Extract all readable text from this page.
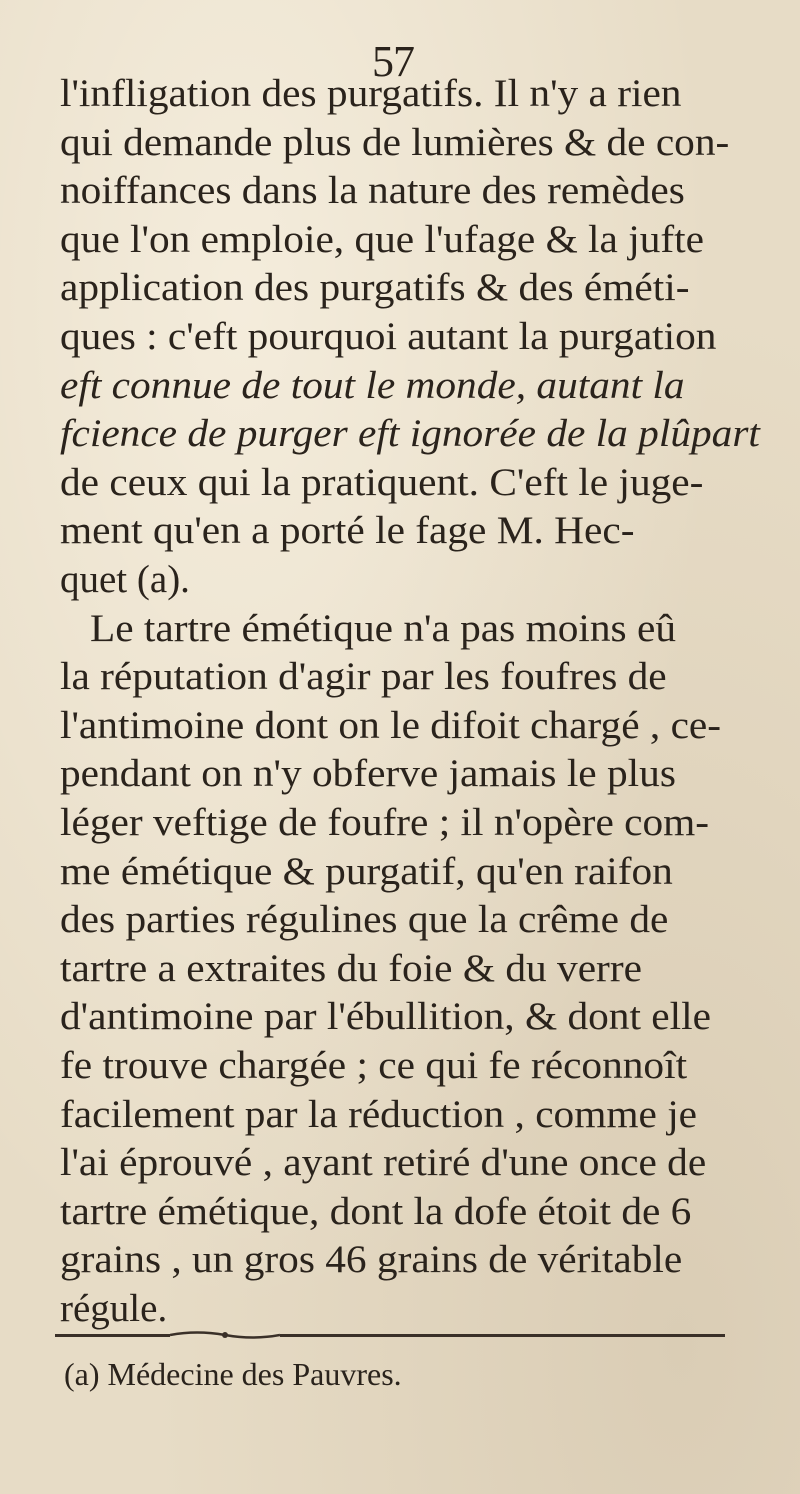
57
l'infligation des purgatifs. Il n'y a rien
qui demande plus de lumières & de con-
noiffances dans la nature des remèdes
que l'on emploie, que l'ufage & la jufte
application des purgatifs & des éméti-
ques : c'eft pourquoi autant la purgation
eft connue de tout le monde, autant la
fcience de purger eft ignorée de la plûpart
de ceux qui la pratiquent. C'eft le juge-
ment qu'en a porté le fage M. Hec-
quet (a).
Le tartre émétique n'a pas moins eû
la réputation d'agir par les foufres de
l'antimoine dont on le difoit chargé , ce-
pendant on n'y obferve jamais le plus
léger veftige de foufre ; il n'opère com-
me émétique & purgatif, qu'en raifon
des parties régulines que la crême de
tartre a extraites du foie & du verre
d'antimoine par l'ébullition, & dont elle
fe trouve chargée ; ce qui fe réconnoît
facilement par la réduction , comme je
l'ai éprouvé , ayant retiré d'une once de
tartre émétique, dont la dofe étoit de 6
grains , un gros 46 grains de véritable
régule.
(a) Médecine des Pauvres.
